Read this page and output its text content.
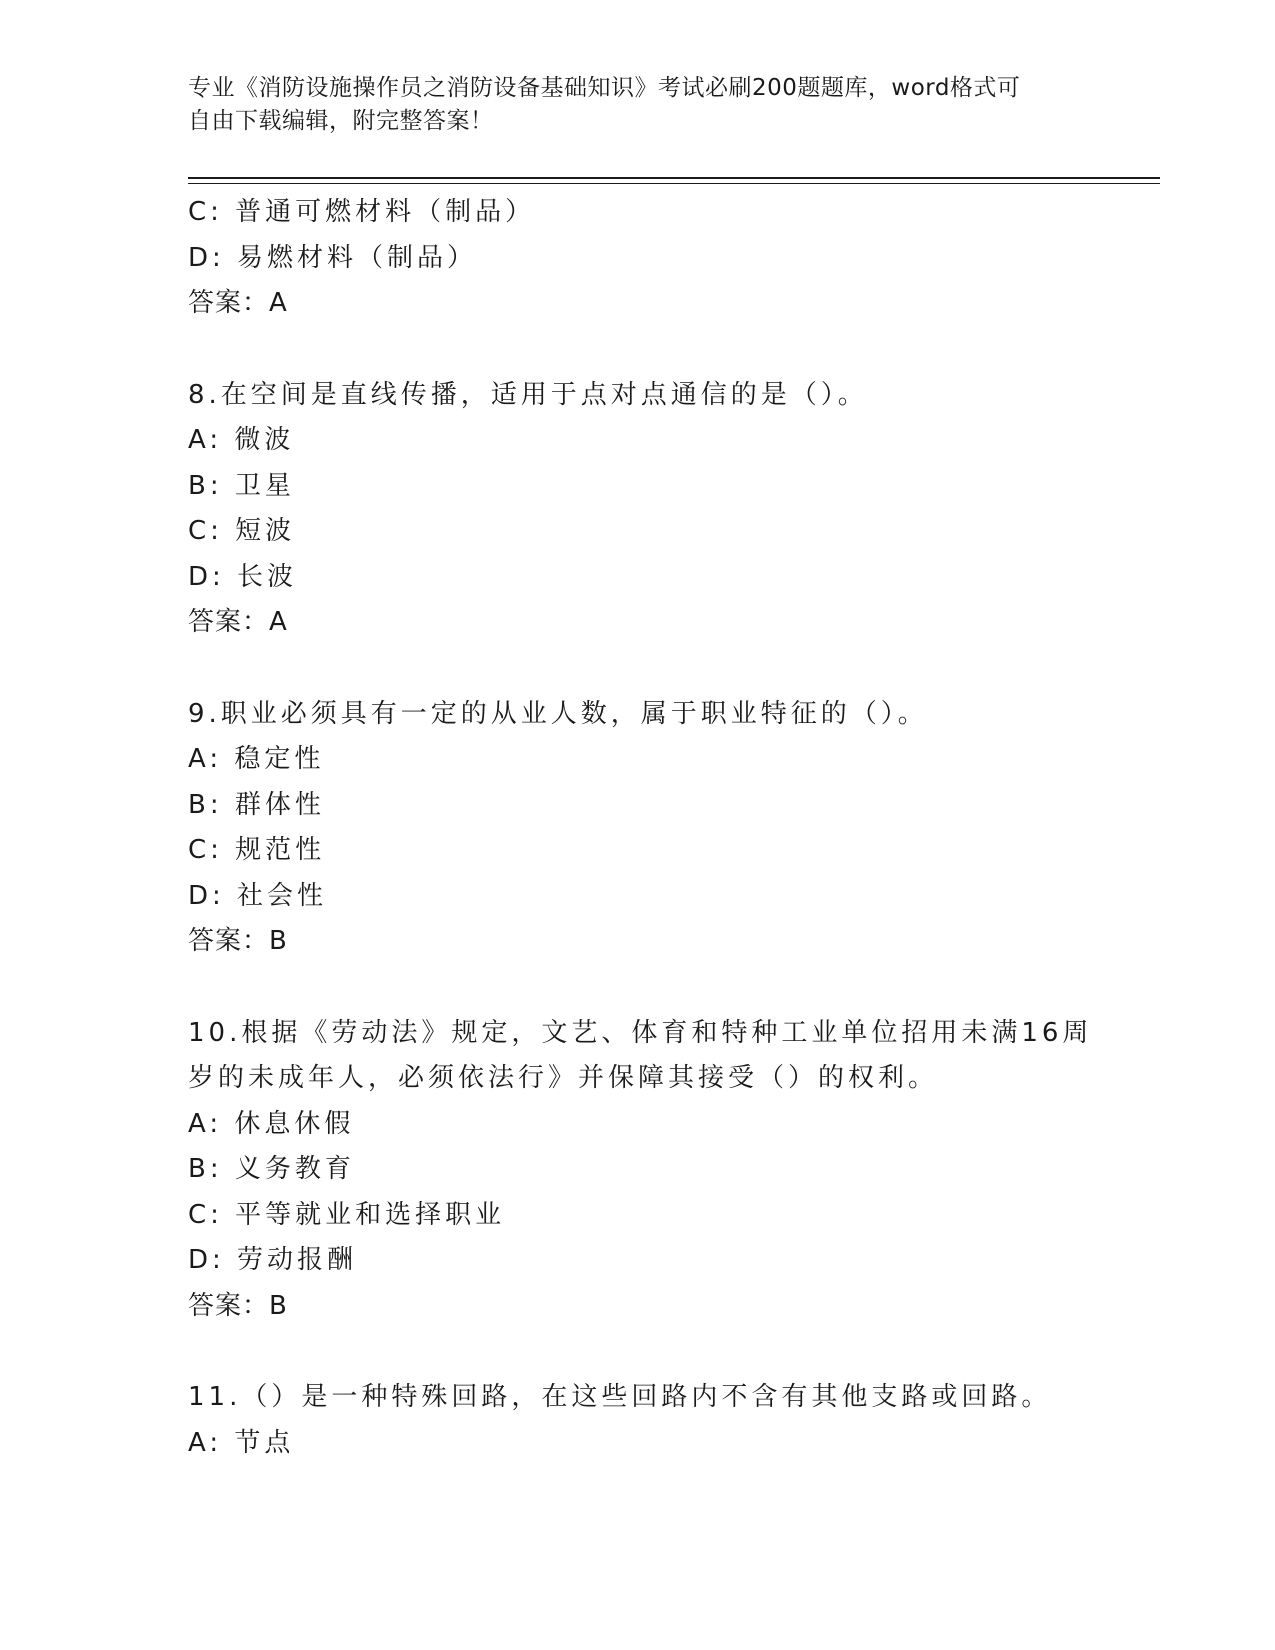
专业《消防设施操作员之消防设备基础知识》考试必刷200题题库，word格式可
自由下载编辑，附完整答案！
C: 普通可燃材料（制品）
D: 易燃材料（制品）
答案：A
8.在空间是直线传播，适用于点对点通信的是（）。
A: 微波
B: 卫星
C: 短波
D: 长波
答案：A
9.职业必须具有一定的从业人数，属于职业特征的（）。
A: 稳定性
B: 群体性
C: 规范性
D: 社会性
答案：B
10.根据《劳动法》规定，文艺、体育和特种工业单位招用未满16周
岁的未成年人，必须依法行》并保障其接受（）的权利。
A: 休息休假
B: 义务教育
C: 平等就业和选择职业
D: 劳动报酬
答案：B
11.（）是一种特殊回路，在这些回路内不含有其他支路或回路。
A: 节点
